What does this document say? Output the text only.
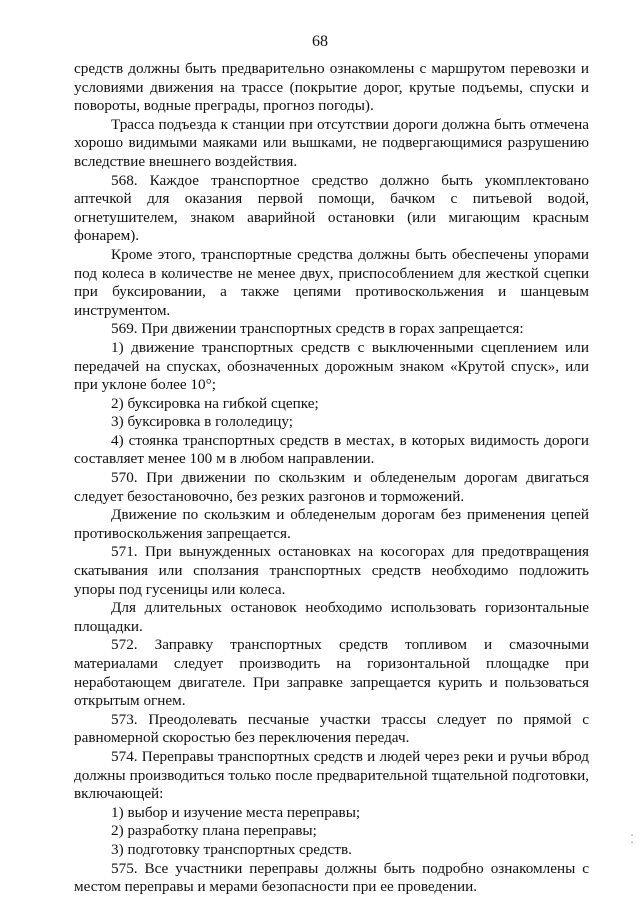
68

средств должны быть предварительно ознакомлены с маршрутом перевозки и условиями движения на трассе (покрытие дорог, крутые подъемы, спуски и повороты, водные преграды, прогноз погоды).

Трасса подъезда к станции при отсутствии дороги должна быть отмечена хорошо видимыми маяками или вышками, не подвергающимися разрушению вследствие внешнего воздействия.

568. Каждое транспортное средство должно быть укомплектовано аптечкой для оказания первой помощи, бачком с питьевой водой, огнетушителем, знаком аварийной остановки (или мигающим красным фонарем).

Кроме этого, транспортные средства должны быть обеспечены упорами под колеса в количестве не менее двух, приспособлением для жесткой сцепки при буксировании, а также цепями противоскольжения и шанцевым инструментом.

569. При движении транспортных средств в горах запрещается:

1) движение транспортных средств с выключенными сцеплением или передачей на спусках, обозначенных дорожным знаком «Крутой спуск», или при уклоне более 10°;

2) буксировка на гибкой сцепке;

3) буксировка в гололедицу;

4) стоянка транспортных средств в местах, в которых видимость дороги составляет менее 100 м в любом направлении.

570. При движении по скользким и обледенелым дорогам двигаться следует безостановочно, без резких разгонов и торможений.

Движение по скользким и обледенелым дорогам без применения цепей противоскольжения запрещается.

571. При вынужденных остановках на косогорах для предотвращения скатывания или сползания транспортных средств необходимо подложить упоры под гусеницы или колеса.

Для длительных остановок необходимо использовать горизонтальные площадки.

572. Заправку транспортных средств топливом и смазочными материалами следует производить на горизонтальной площадке при неработающем двигателе. При заправке запрещается курить и пользоваться открытым огнем.

573. Преодолевать песчаные участки трассы следует по прямой с равномерной скоростью без переключения передач.

574. Переправы транспортных средств и людей через реки и ручьи вброд должны производиться только после предварительной тщательной подготовки, включающей:

1) выбор и изучение места переправы;

2) разработку плана переправы;

3) подготовку транспортных средств.

575. Все участники переправы должны быть подробно ознакомлены с местом переправы и мерами безопасности при ее проведении.

⁚
